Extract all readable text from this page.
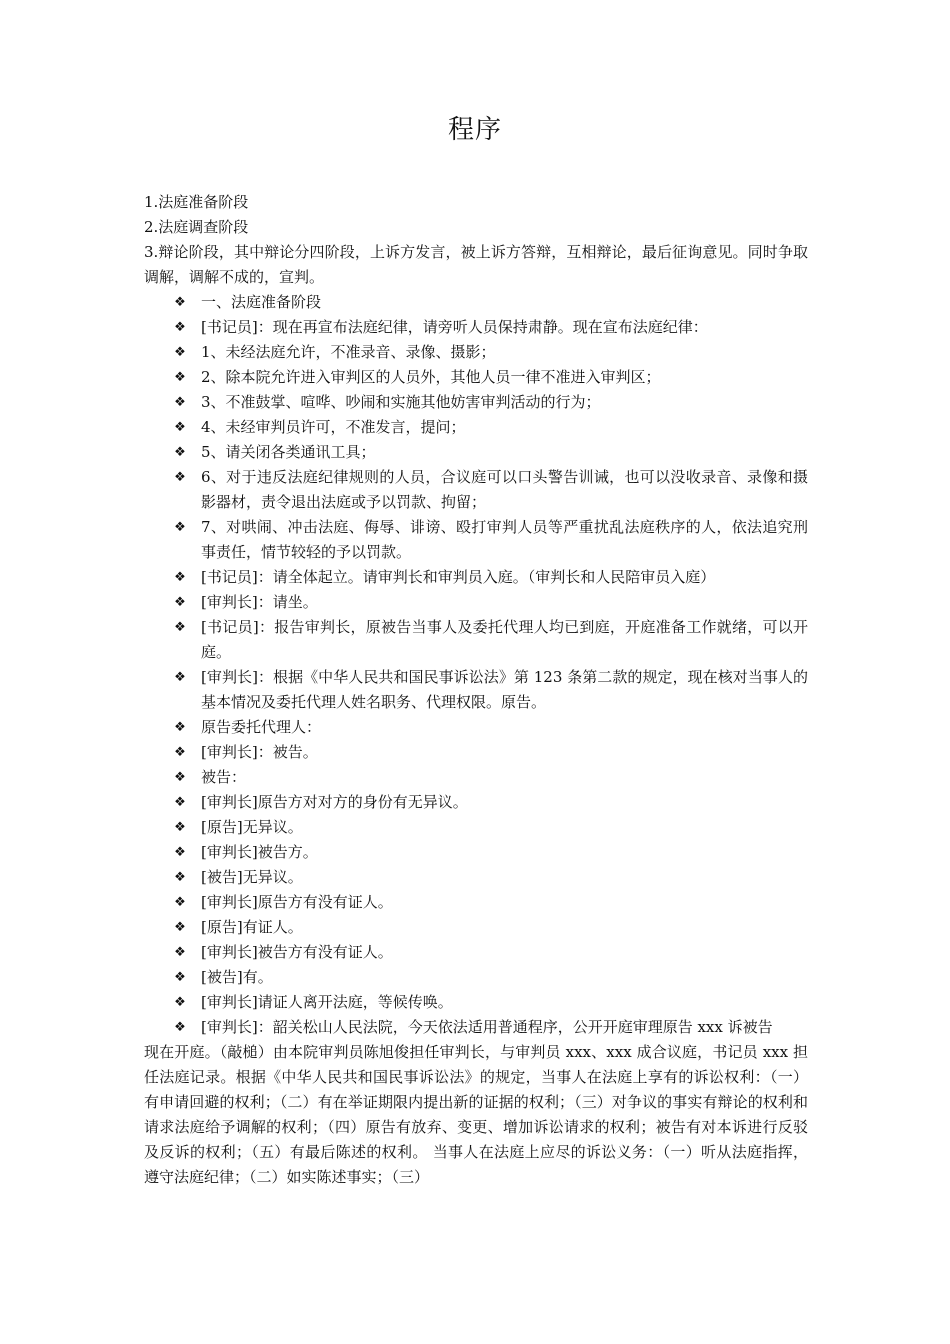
程序

1.法庭准备阶段

2.法庭调查阶段

3.辩论阶段，其中辩论分四阶段，上诉方发言，被上诉方答辩，互相辩论，最后征询意见。同时争取调解，调解不成的，宣判。

❖ 一、法庭准备阶段
❖ [书记员]：现在再宣布法庭纪律，请旁听人员保持肃静。现在宣布法庭纪律：
❖ 1、未经法庭允许，不准录音、录像、摄影；
❖ 2、除本院允许进入审判区的人员外，其他人员一律不准进入审判区；
❖ 3、不准鼓掌、喧哗、吵闹和实施其他妨害审判活动的行为；
❖ 4、未经审判员许可，不准发言，提问；
❖ 5、请关闭各类通讯工具；
❖ 6、对于违反法庭纪律规则的人员，合议庭可以口头警告训诫，也可以没收录音、录像和摄影器材，责令退出法庭或予以罚款、拘留；
❖ 7、对哄闹、冲击法庭、侮辱、诽谤、殴打审判人员等严重扰乱法庭秩序的人，依法追究刑事责任，情节较轻的予以罚款。
❖ [书记员]：请全体起立。请审判长和审判员入庭。（审判长和人民陪审员入庭）
❖ [审判长]：请坐。
❖ [书记员]：报告审判长，原被告当事人及委托代理人均已到庭，开庭准备工作就绪，可以开庭。
❖ [审判长]：根据《中华人民共和国民事诉讼法》第 123 条第二款的规定，现在核对当事人的基本情况及委托代理人姓名职务、代理权限。原告。
❖ 原告委托代理人：
❖ [审判长]：被告。
❖ 被告：
❖ [审判长]原告方对对方的身份有无异议。
❖ [原告]无异议。
❖ [审判长]被告方。
❖ [被告]无异议。
❖ [审判长]原告方有没有证人。
❖ [原告]有证人。
❖ [审判长]被告方有没有证人。
❖ [被告]有。
❖ [审判长]请证人离开法庭，等候传唤。
❖ [审判长]：韶关松山人民法院，今天依法适用普通程序，公开开庭审理原告 xxx 诉被告

现在开庭。（敲槌）由本院审判员陈旭俊担任审判长，与审判员 xxx、xxx 成合议庭，书记员 xxx 担任法庭记录。根据《中华人民共和国民事诉讼法》的规定，当事人在法庭上享有的诉讼权利：（一）有申请回避的权利；（二）有在举证期限内提出新的证据的权利；（三）对争议的事实有辩论的权利和请求法庭给予调解的权利；（四）原告有放弃、变更、增加诉讼请求的权利；被告有对本诉进行反驳及反诉的权利；（五）有最后陈述的权利。 当事人在法庭上应尽的诉讼义务：（一）听从法庭指挥，遵守法庭纪律；（二）如实陈述事实；（三）
